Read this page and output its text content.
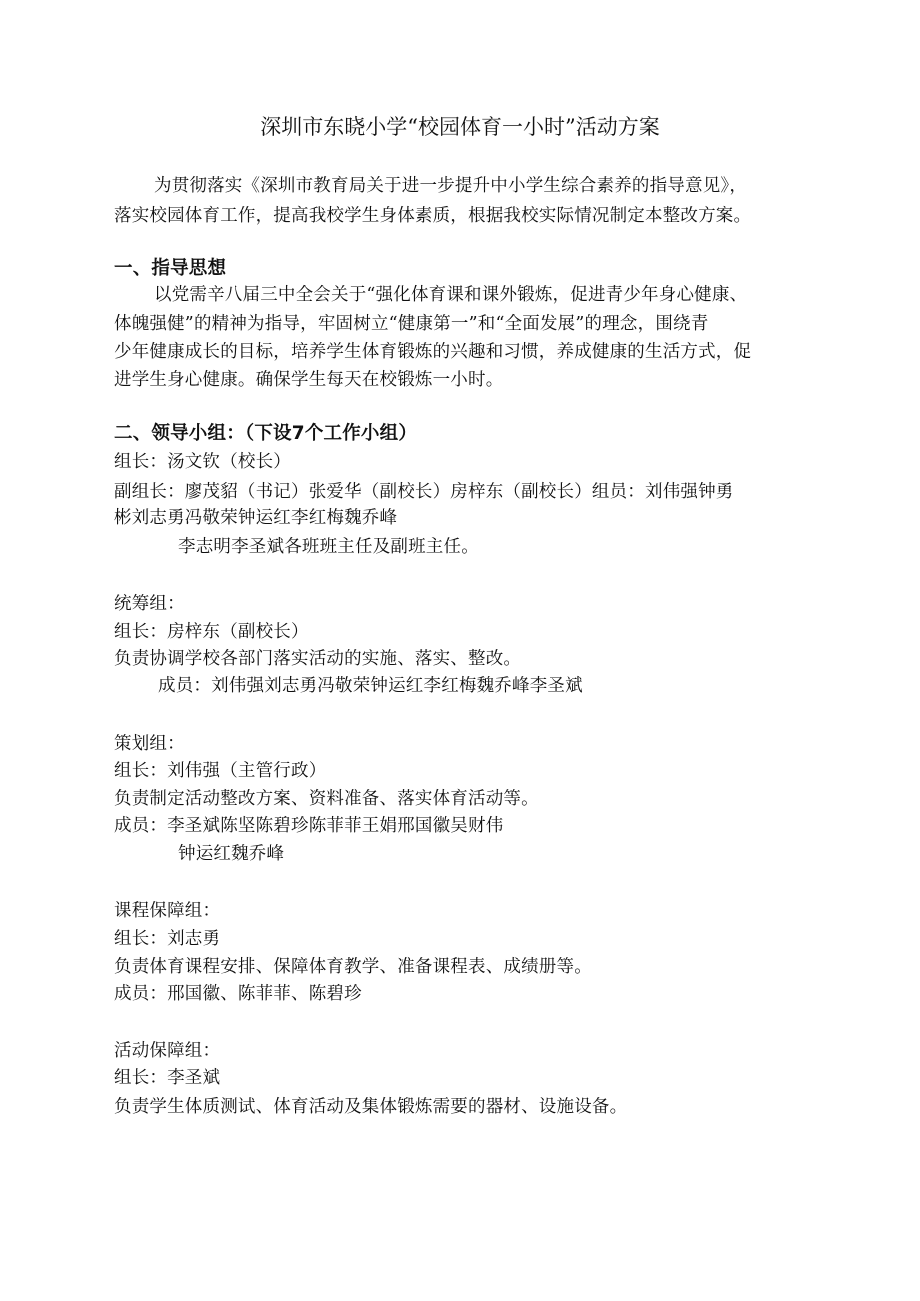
深圳市东晓小学“校园体育一小时”活动方案
为贯彻落实《深圳市教育局关于进一步提升中小学生综合素养的指导意见》，
落实校园体育工作，提高我校学生身体素质，根据我校实际情况制定本整改方案。
一、指导思想
以党需辛八届三中全会关于“强化体育课和课外锻炼，促进青少年身心健康、
体魄强健”的精神为指导，牢固树立“健康第一”和“全面发展”的理念，围绕青
少年健康成长的目标，培养学生体育锻炼的兴趣和习惯，养成健康的生活方式，促
进学生身心健康。确保学生每天在校锻炼一小时。
二、领导小组：（下设7个工作小组）
组长：汤文钦（校长）
副组长：廖茂貂（书记）张爱华（副校长）房梓东（副校长）组员：刘伟强钟勇
彬刘志勇冯敬荣钟运红李红梅魏乔峰
李志明李圣斌各班班主任及副班主任。
统筹组：
组长：房梓东（副校长）
负责协调学校各部门落实活动的实施、落实、整改。
成员：刘伟强刘志勇冯敬荣钟运红李红梅魏乔峰李圣斌
策划组：
组长：刘伟强（主管行政）
负责制定活动整改方案、资料准备、落实体育活动等。
成员：李圣斌陈坚陈碧珍陈菲菲王娟邢国徽吴财伟
钟运红魏乔峰
课程保障组：
组长：刘志勇
负责体育课程安排、保障体育教学、准备课程表、成绩册等。
成员：邢国徽、陈菲菲、陈碧珍
活动保障组：
组长：李圣斌
负责学生体质测试、体育活动及集体锻炼需要的器材、设施设备。
